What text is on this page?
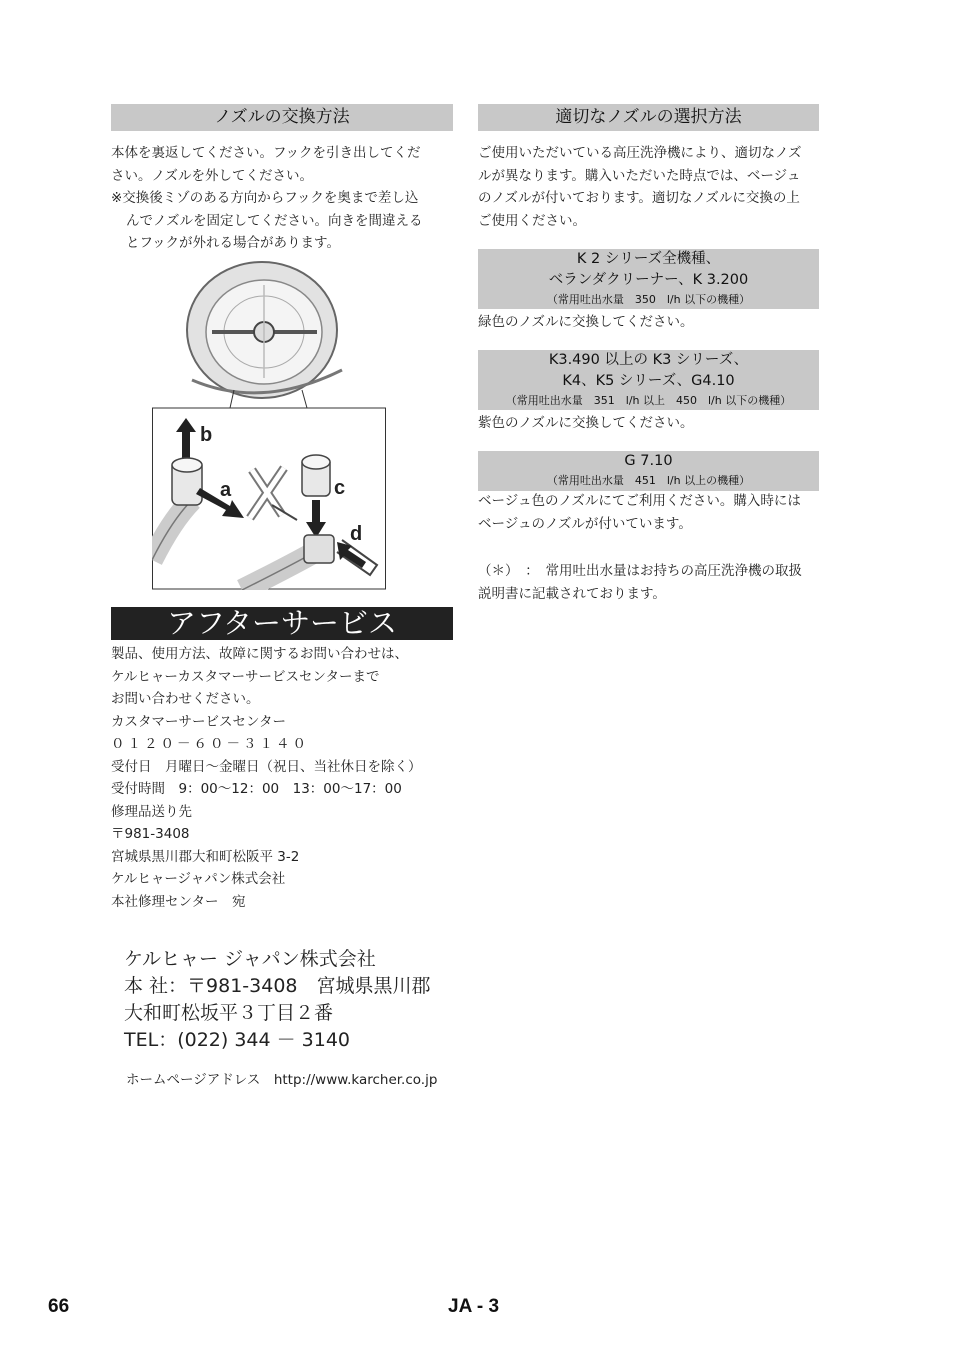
ノズルの交換方法

本体を裏返してください。フックを引き出してくだ

さい。ノズルを外してください。

※交換後ミゾのある方向からフックを奥まで差し込

んでノズルを固定してください。向きを間違える

とフックが外れる場合があります。

b
a	c
d
アフターサービス

製品、使用方法、故障に関するお問い合わせは、

ケルヒャーカスタマーサービスセンターまで

お問い合わせください。

カスタマーサービスセンター

０１２０－６０－３１４０

受付日　月曜日～金曜日（祝日、当社休日を除く）

受付時間　9：00～12：00　13：00～17：00

修理品送り先

〒981-3408

宮城県黒川郡大和町松阪平 3-2

ケルヒャージャパン株式会社

本社修理センター　宛

ケルヒャー ジャパン株式会社

本 社：〒981-3408　宮城県黒川郡

大和町松坂平３丁目２番

TEL：(022) 344 － 3140

ホームページアドレス　http://www.karcher.co.jp
適切なノズルの選択方法

ご使用いただいている高圧洗浄機により、適切なノズ

ルが異なります。購入いただいた時点では、ベージュ

のノズルが付いております。適切なノズルに交換の上

ご使用ください。

K 2 シリーズ全機種、
ベランダクリーナー、K 3.200
（常用吐出水量　350　l/h 以下の機種）
緑色のノズルに交換してください。
K3.490 以上の K3 シリーズ、
K4、K5 シリーズ、G4.10
（常用吐出水量　351　l/h 以上　450　l/h 以下の機種）
紫色のノズルに交換してください。
G 7.10
（常用吐出水量　451　l/h 以上の機種）

ベージュ色のノズルにてご利用ください。購入時には

ベージュのノズルが付いています。

（＊）　：　常用吐出水量はお持ちの高圧洗浄機の取扱

説明書に記載されております。

66	JA - 3
